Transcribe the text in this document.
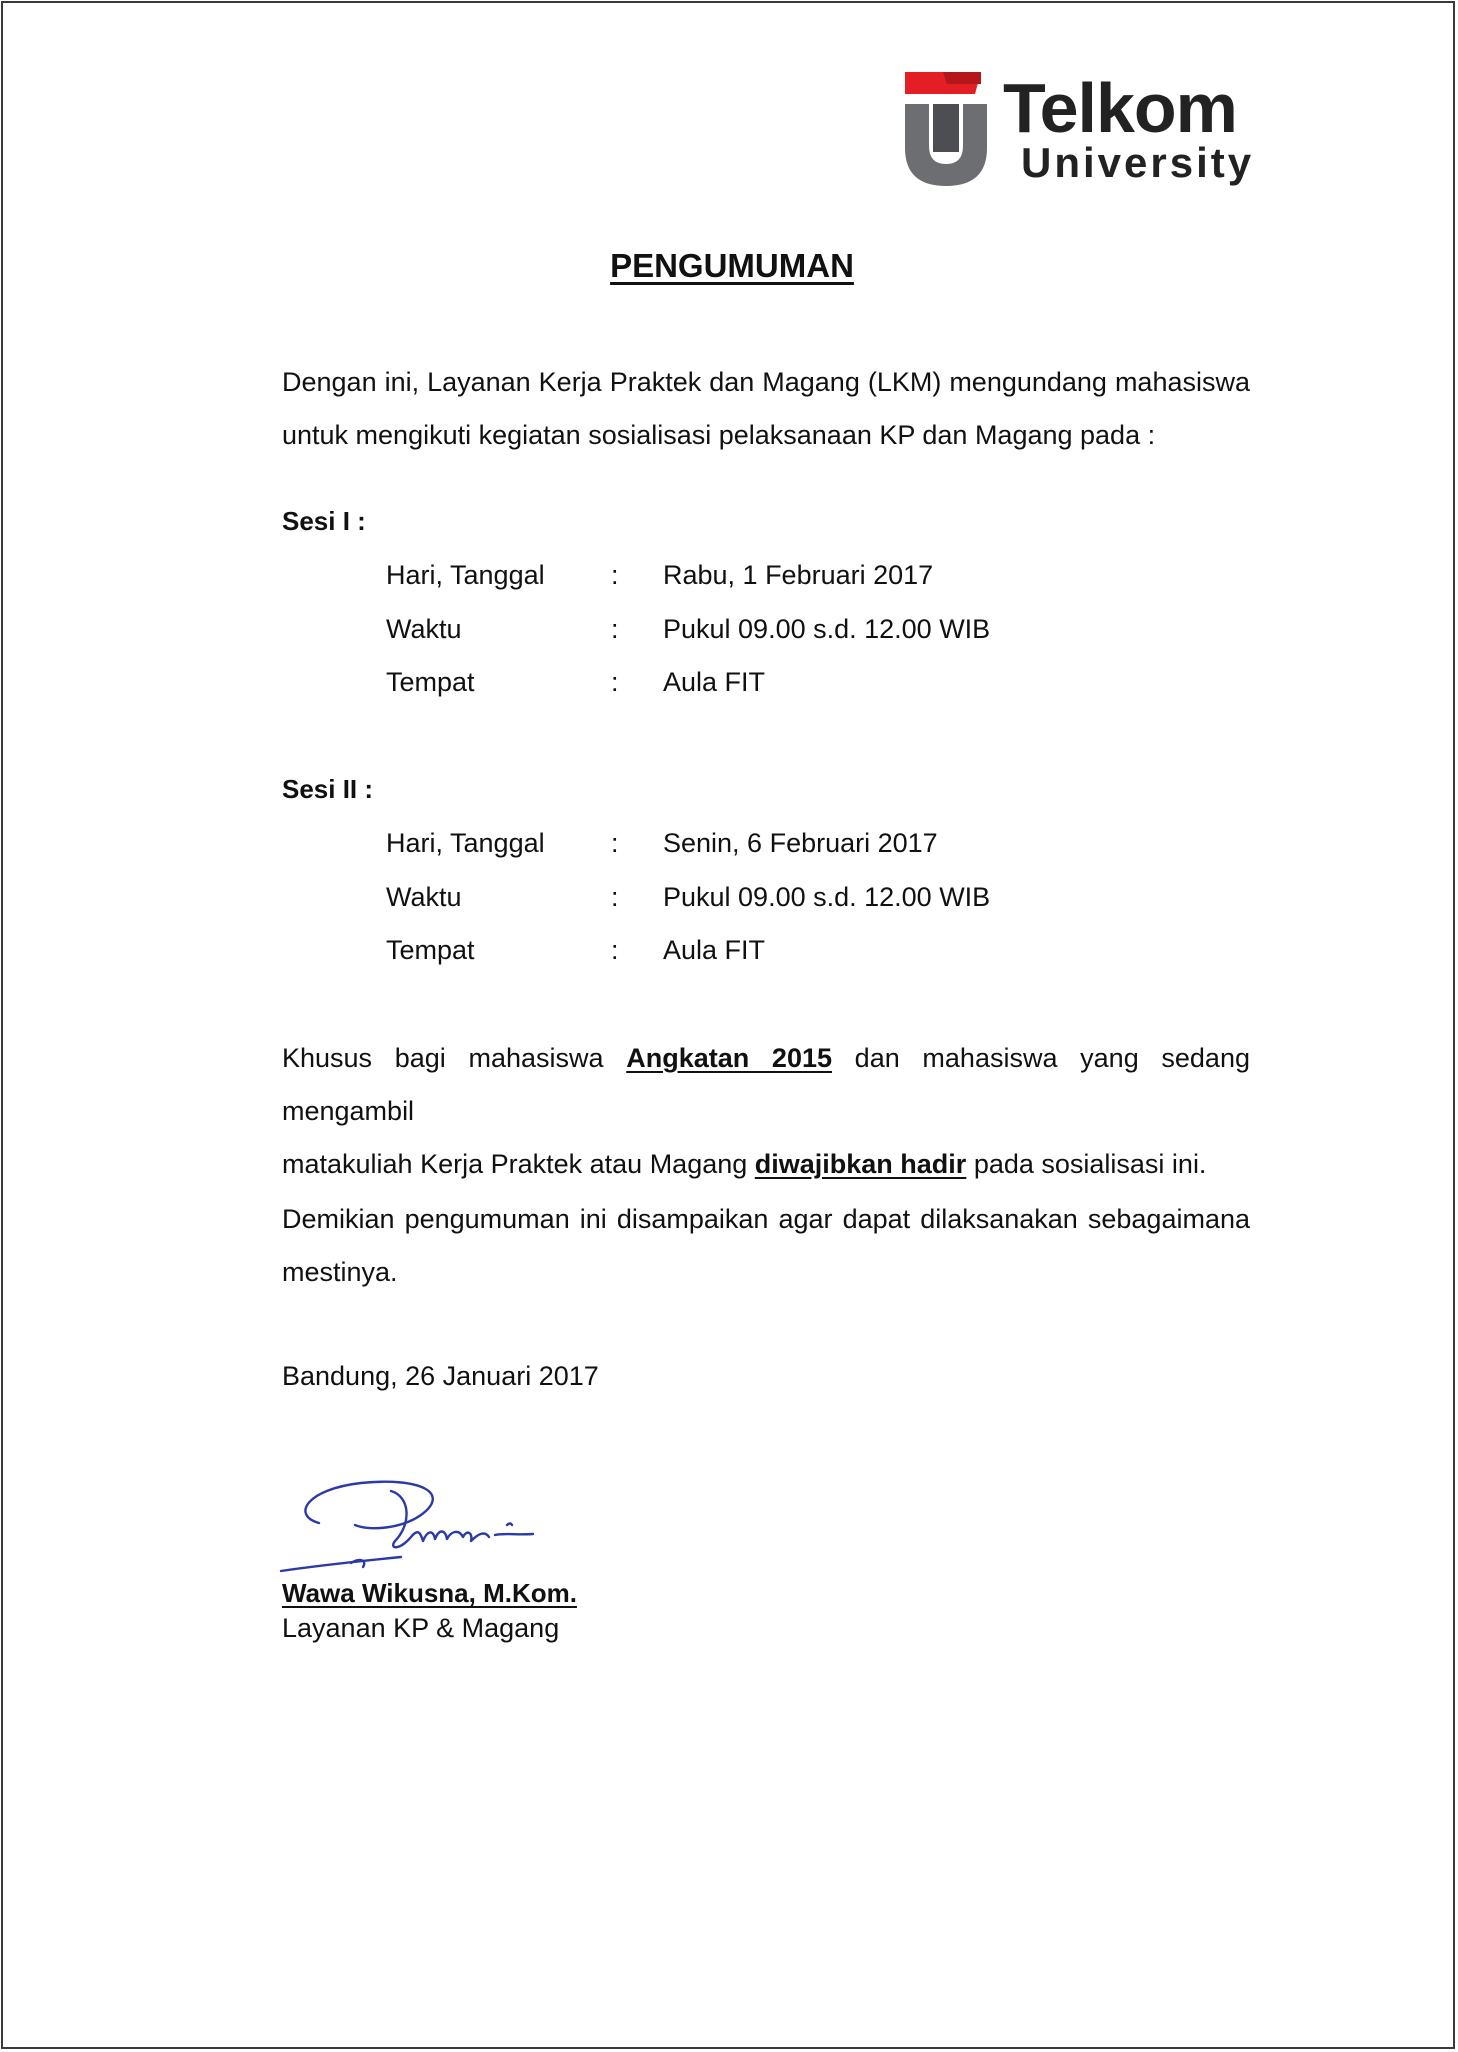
Telkom
University
PENGUMUMAN
Dengan ini, Layanan Kerja Praktek dan Magang (LKM) mengundang mahasiswa
untuk mengikuti kegiatan sosialisasi pelaksanaan KP dan Magang pada :
Sesi I :
Hari, Tanggal : Rabu, 1 Februari 2017
Waktu	: Pukul 09.00 s.d. 12.00 WIB
Tempat	: Aula FIT
Sesi II :
Hari, Tanggal : Senin, 6 Februari 2017
Waktu	: Pukul 09.00 s.d. 12.00 WIB
Tempat	: Aula FIT
Khusus bagi mahasiswa Angkatan 2015 dan mahasiswa yang sedang mengambil
matakuliah Kerja Praktek atau Magang diwajibkan hadir pada sosialisasi ini.
Demikian pengumuman ini disampaikan agar dapat dilaksanakan sebagaimana
mestinya.
Bandung, 26 Januari 2017
Wawa Wikusna, M.Kom.
Layanan KP & Magang
